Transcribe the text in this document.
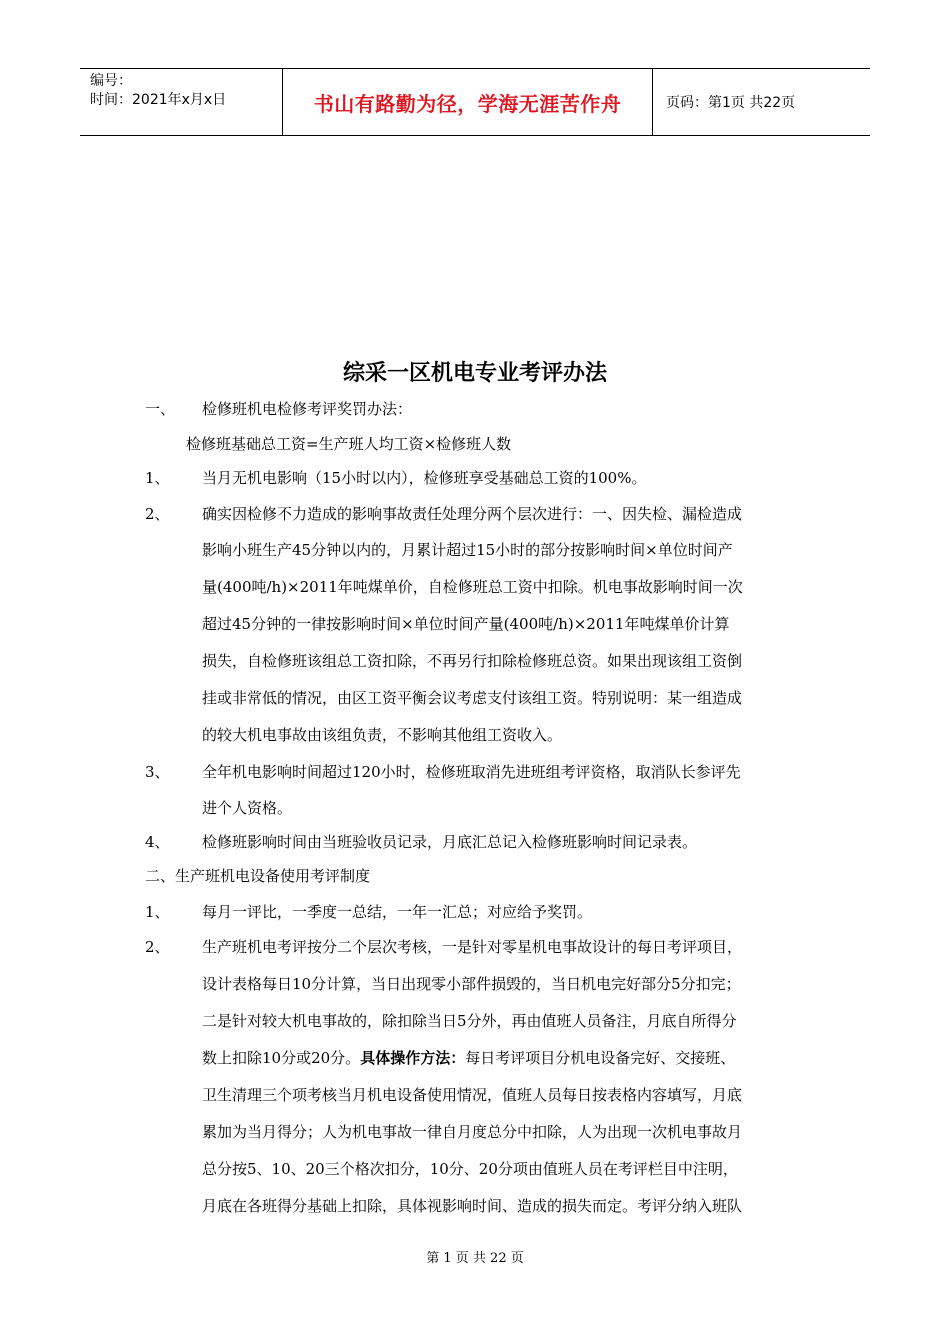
编号：
时间：2021年x月x日	书山有路勤为径，学海无涯苦作舟	页码：第1页 共22页
综采一区机电专业考评办法
一、 检修班机电检修考评奖罚办法：
检修班基础总工资=生产班人均工资×检修班人数
1、 当月无机电影响（15小时以内），检修班享受基础总工资的100%。
2、 确实因检修不力造成的影响事故责任处理分两个层次进行：一、因失检、漏检造成
影响小班生产45分钟以内的，月累计超过15小时的部分按影响时间×单位时间产
量(400吨/h)×2011年吨煤单价，自检修班总工资中扣除。机电事故影响时间一次
超过45分钟的一律按影响时间×单位时间产量(400吨/h)×2011年吨煤单价计算
损失，自检修班该组总工资扣除，不再另行扣除检修班总资。如果出现该组工资倒
挂或非常低的情况，由区工资平衡会议考虑支付该组工资。特别说明：某一组造成
的较大机电事故由该组负责，不影响其他组工资收入。
3、 全年机电影响时间超过120小时，检修班取消先进班组考评资格，取消队长参评先
进个人资格。
4、 检修班影响时间由当班验收员记录，月底汇总记入检修班影响时间记录表。
二、生产班机电设备使用考评制度
1、 每月一评比，一季度一总结，一年一汇总；对应给予奖罚。
2、 生产班机电考评按分二个层次考核，一是针对零星机电事故设计的每日考评项目，
设计表格每日10分计算，当日出现零小部件损毁的，当日机电完好部分5分扣完；
二是针对较大机电事故的，除扣除当日5分外，再由值班人员备注，月底自所得分
数上扣除10分或20分。具体操作方法：每日考评项目分机电设备完好、交接班、
卫生清理三个项考核当月机电设备使用情况，值班人员每日按表格内容填写，月底
累加为当月得分；人为机电事故一律自月度总分中扣除，人为出现一次机电事故月
总分按5、10、20三个格次扣分，10分、20分项由值班人员在考评栏目中注明，
月底在各班得分基础上扣除，具体视影响时间、造成的损失而定。考评分纳入班队
第 1 页 共 22 页
